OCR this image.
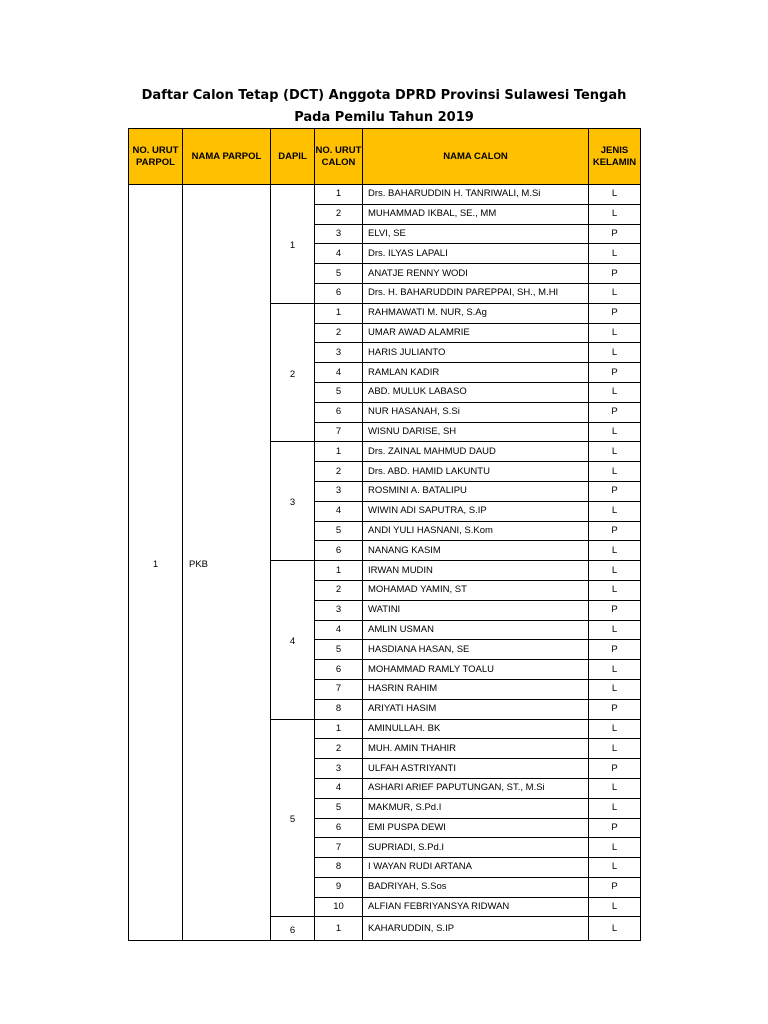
Daftar Calon Tetap (DCT) Anggota DPRD Provinsi Sulawesi Tengah
Pada Pemilu Tahun 2019
NO. URUT PARPOL	NAMA PARPOL	DAPIL	NO. URUT CALON	NAMA CALON	JENIS KELAMIN
1	PKB	1	1	Drs. BAHARUDDIN H. TANRIWALI, M.Si	L
			2	MUHAMMAD IKBAL, SE., MM	L
			3	ELVI, SE	P
			4	Drs. ILYAS LAPALI	L
			5	ANATJE RENNY WODI	P
			6	Drs. H. BAHARUDDIN PAREPPAI, SH., M.HI	L
		2	1	RAHMAWATI M. NUR, S.Ag	P
			2	UMAR AWAD ALAMRIE	L
			3	HARIS JULIANTO	L
			4	RAMLAN KADIR	P
			5	ABD. MULUK LABASO	L
			6	NUR HASANAH, S.Si	P
			7	WISNU DARISE, SH	L
		3	1	Drs. ZAINAL MAHMUD DAUD	L
			2	Drs. ABD. HAMID LAKUNTU	L
			3	ROSMINI A. BATALIPU	P
			4	WIWIN ADI SAPUTRA, S.IP	L
			5	ANDI YULI HASNANI, S.Kom	P
			6	NANANG KASIM	L
		4	1	IRWAN MUDIN	L
			2	MOHAMAD YAMIN, ST	L
			3	WATINI	P
			4	AMLIN USMAN	L
			5	HASDIANA HASAN, SE	P
			6	MOHAMMAD RAMLY TOALU	L
			7	HASRIN RAHIM	L
			8	ARIYATI HASIM	P
		5	1	AMINULLAH. BK	L
			2	MUH. AMIN THAHIR	L
			3	ULFAH ASTRIYANTI	P
			4	ASHARI ARIEF PAPUTUNGAN, ST., M.Si	L
			5	MAKMUR, S.Pd.I	L
			6	EMI PUSPA DEWI	P
			7	SUPRIADI, S.Pd.I	L
			8	I WAYAN RUDI ARTANA	L
			9	BADRIYAH, S.Sos	P
			10	ALFIAN FEBRIYANSYA RIDWAN	L
		6	1	KAHARUDDIN, S.IP	L
